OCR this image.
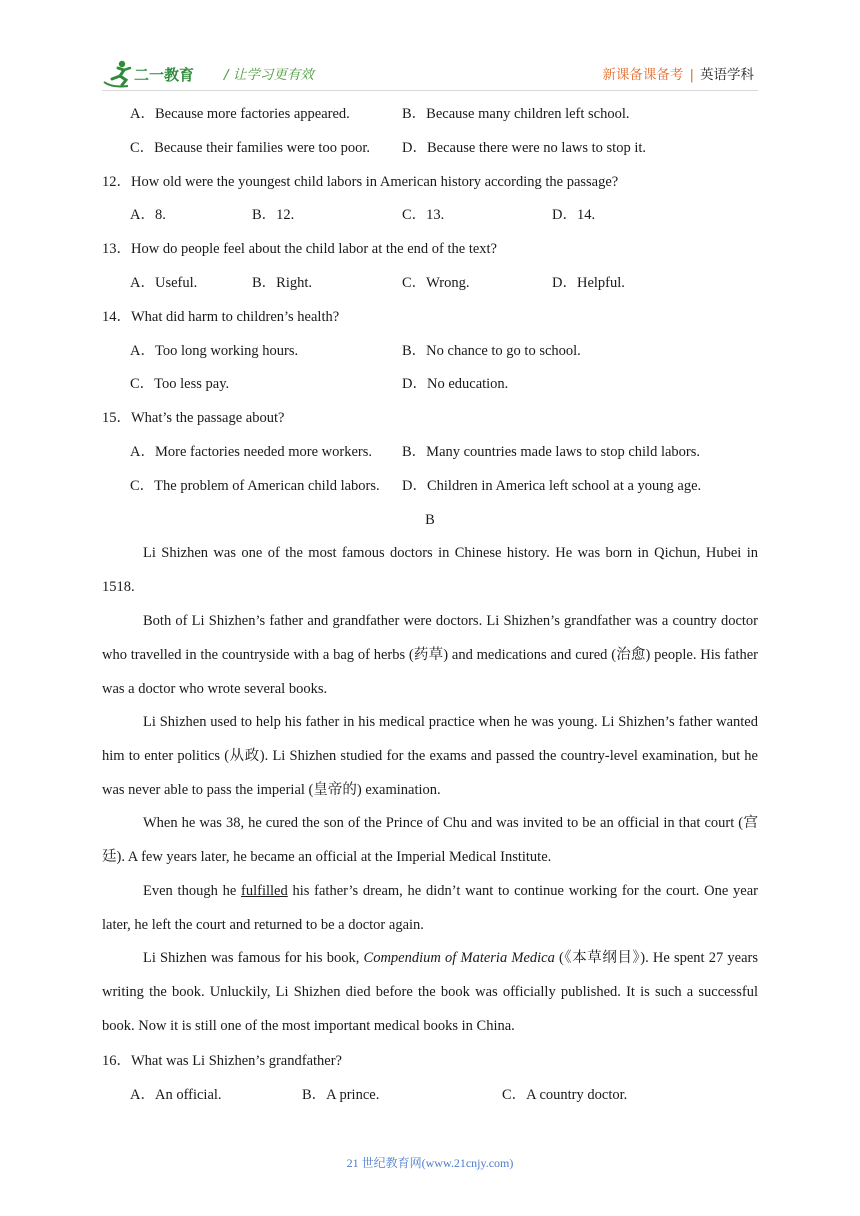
二一教育 / 让学习更有效	新课备课备考 | 英语学科
A．Because more factories appeared.	B．Because many children left school.
C．Because their families were too poor. D．Because there were no laws to stop it.
12．How old were the youngest child labors in American history according the passage?
A．8.	B．12.	C．13.	D．14.
13．How do people feel about the child labor at the end of the text?
A．Useful.	B．Right.	C．Wrong.	D．Helpful.
14．What did harm to children’s health?
A．Too long working hours.	B．No chance to go to school.
C．Too less pay.	D．No education.
15．What’s the passage about?
A．More factories needed more workers. B．Many countries made laws to stop child labors.
C．The problem of American child labors. D．Children in America left school at a young age.
B
Li Shizhen was one of the most famous doctors in Chinese history. He was born in Qichun, Hubei in 1518.
Both of Li Shizhen’s father and grandfather were doctors. Li Shizhen’s grandfather was a country doctor who travelled in the countryside with a bag of herbs (药草) and medications and cured (治愈) people. His father was a doctor who wrote several books.
Li Shizhen used to help his father in his medical practice when he was young. Li Shizhen’s father wanted him to enter politics (从政). Li Shizhen studied for the exams and passed the country-level examination, but he was never able to pass the imperial (皇帝的) examination.
When he was 38, he cured the son of the Prince of Chu and was invited to be an official in that court (宫廷). A few years later, he became an official at the Imperial Medical Institute.
Even though he fulfilled his father’s dream, he didn’t want to continue working for the court. One year later, he left the court and returned to be a doctor again.
Li Shizhen was famous for his book, Compendium of Materia Medica (《本草纲目》). He spent 27 years writing the book. Unluckily, Li Shizhen died before the book was officially published. It is such a successful book. Now it is still one of the most important medical books in China.
16．What was Li Shizhen’s grandfather?
A．An official.	B．A prince.	C．A country doctor.
21 世纪教育网(www.21cnjy.com)
